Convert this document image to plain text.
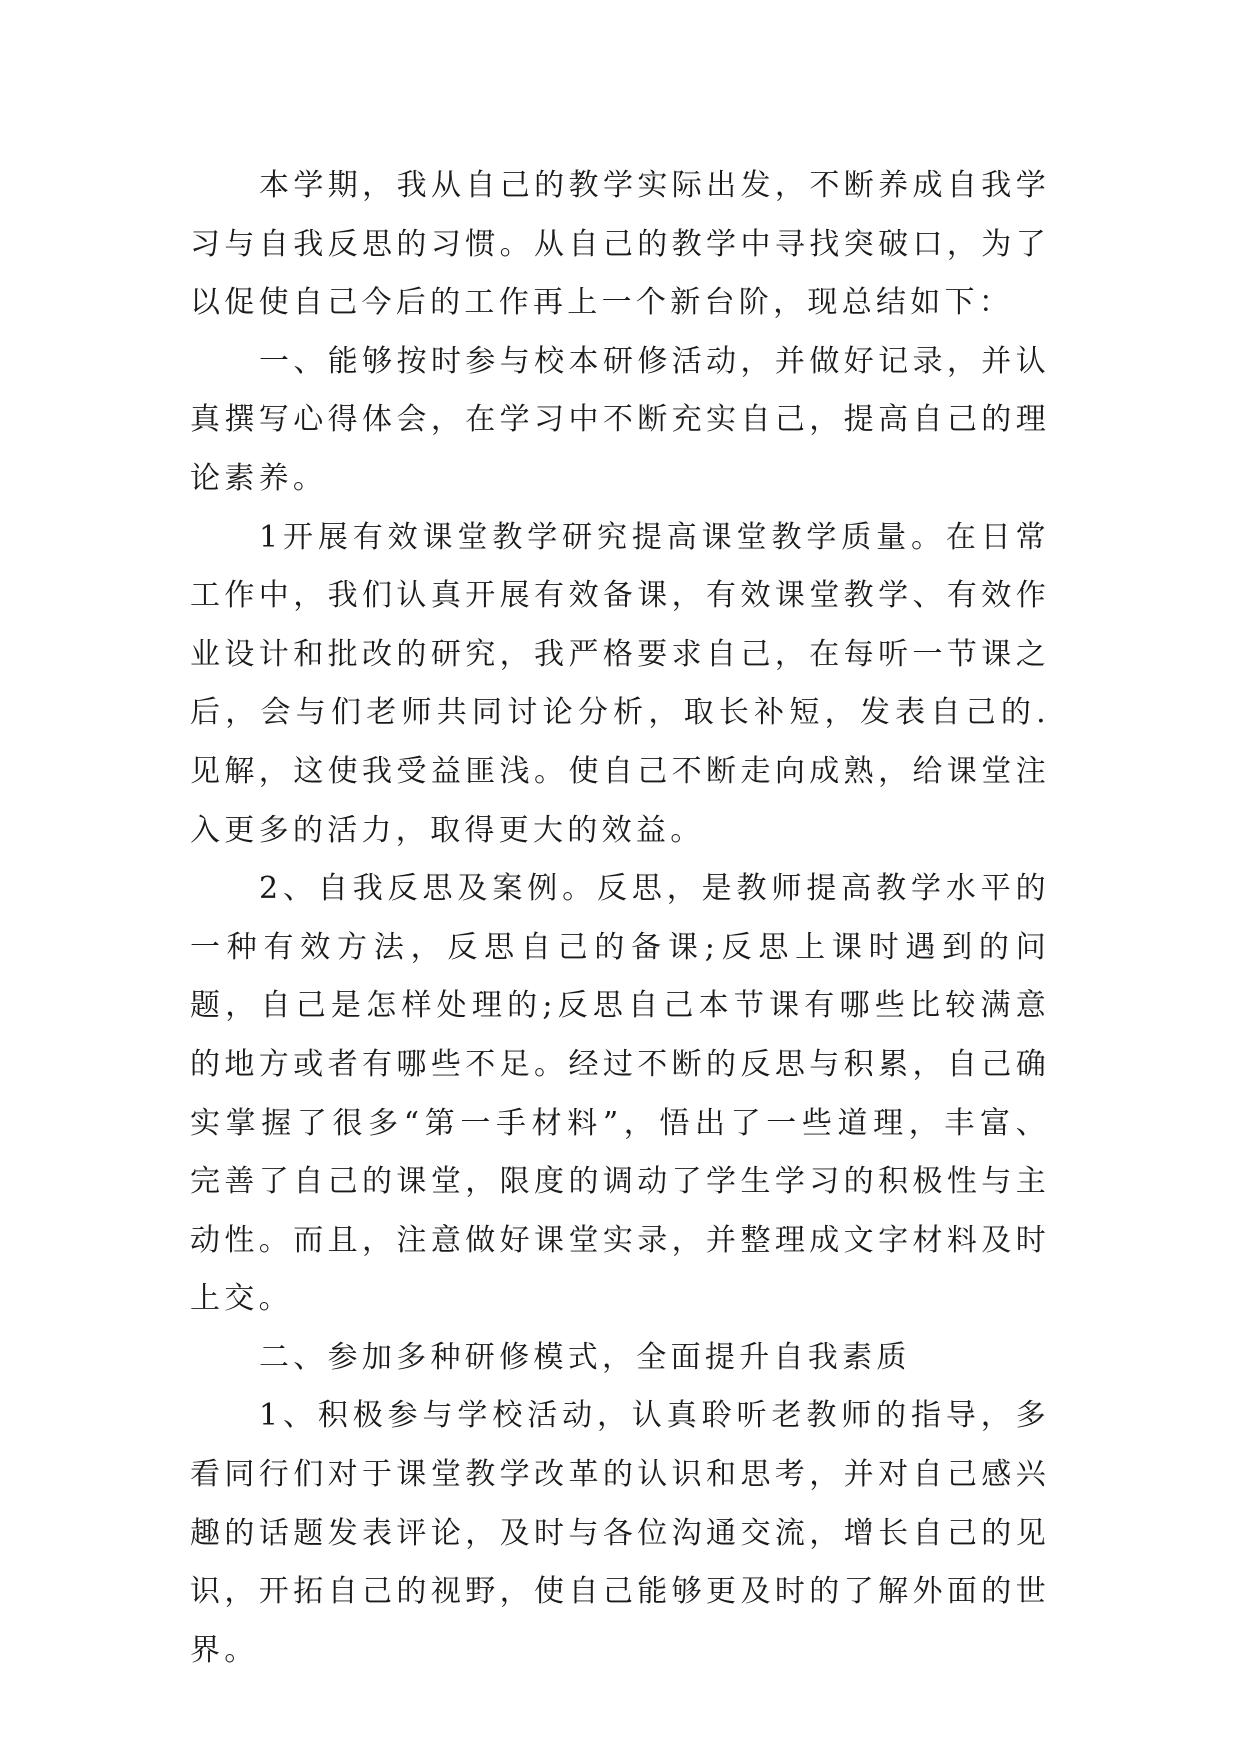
本学期，我从自己的教学实际出发，不断养成自我学习与自我反思的习惯。从自己的教学中寻找突破口，为了以促使自己今后的工作再上一个新台阶，现总结如下：

一、能够按时参与校本研修活动，并做好记录，并认真撰写心得体会，在学习中不断充实自己，提高自己的理论素养。

1开展有效课堂教学研究提高课堂教学质量。在日常工作中，我们认真开展有效备课，有效课堂教学、有效作业设计和批改的研究，我严格要求自己，在每听一节课之后，会与们老师共同讨论分析，取长补短，发表自己的.见解，这使我受益匪浅。使自己不断走向成熟，给课堂注入更多的活力，取得更大的效益。

2、自我反思及案例。反思，是教师提高教学水平的一种有效方法，反思自己的备课;反思上课时遇到的问题，自己是怎样处理的;反思自己本节课有哪些比较满意的地方或者有哪些不足。经过不断的反思与积累，自己确实掌握了很多“第一手材料”，悟出了一些道理，丰富、完善了自己的课堂，限度的调动了学生学习的积极性与主动性。而且，注意做好课堂实录，并整理成文字材料及时上交。

二、参加多种研修模式，全面提升自我素质

1、积极参与学校活动，认真聆听老教师的指导，多看同行们对于课堂教学改革的认识和思考，并对自己感兴趣的话题发表评论，及时与各位沟通交流，增长自己的见识，开拓自己的视野，使自己能够更及时的了解外面的世界。
